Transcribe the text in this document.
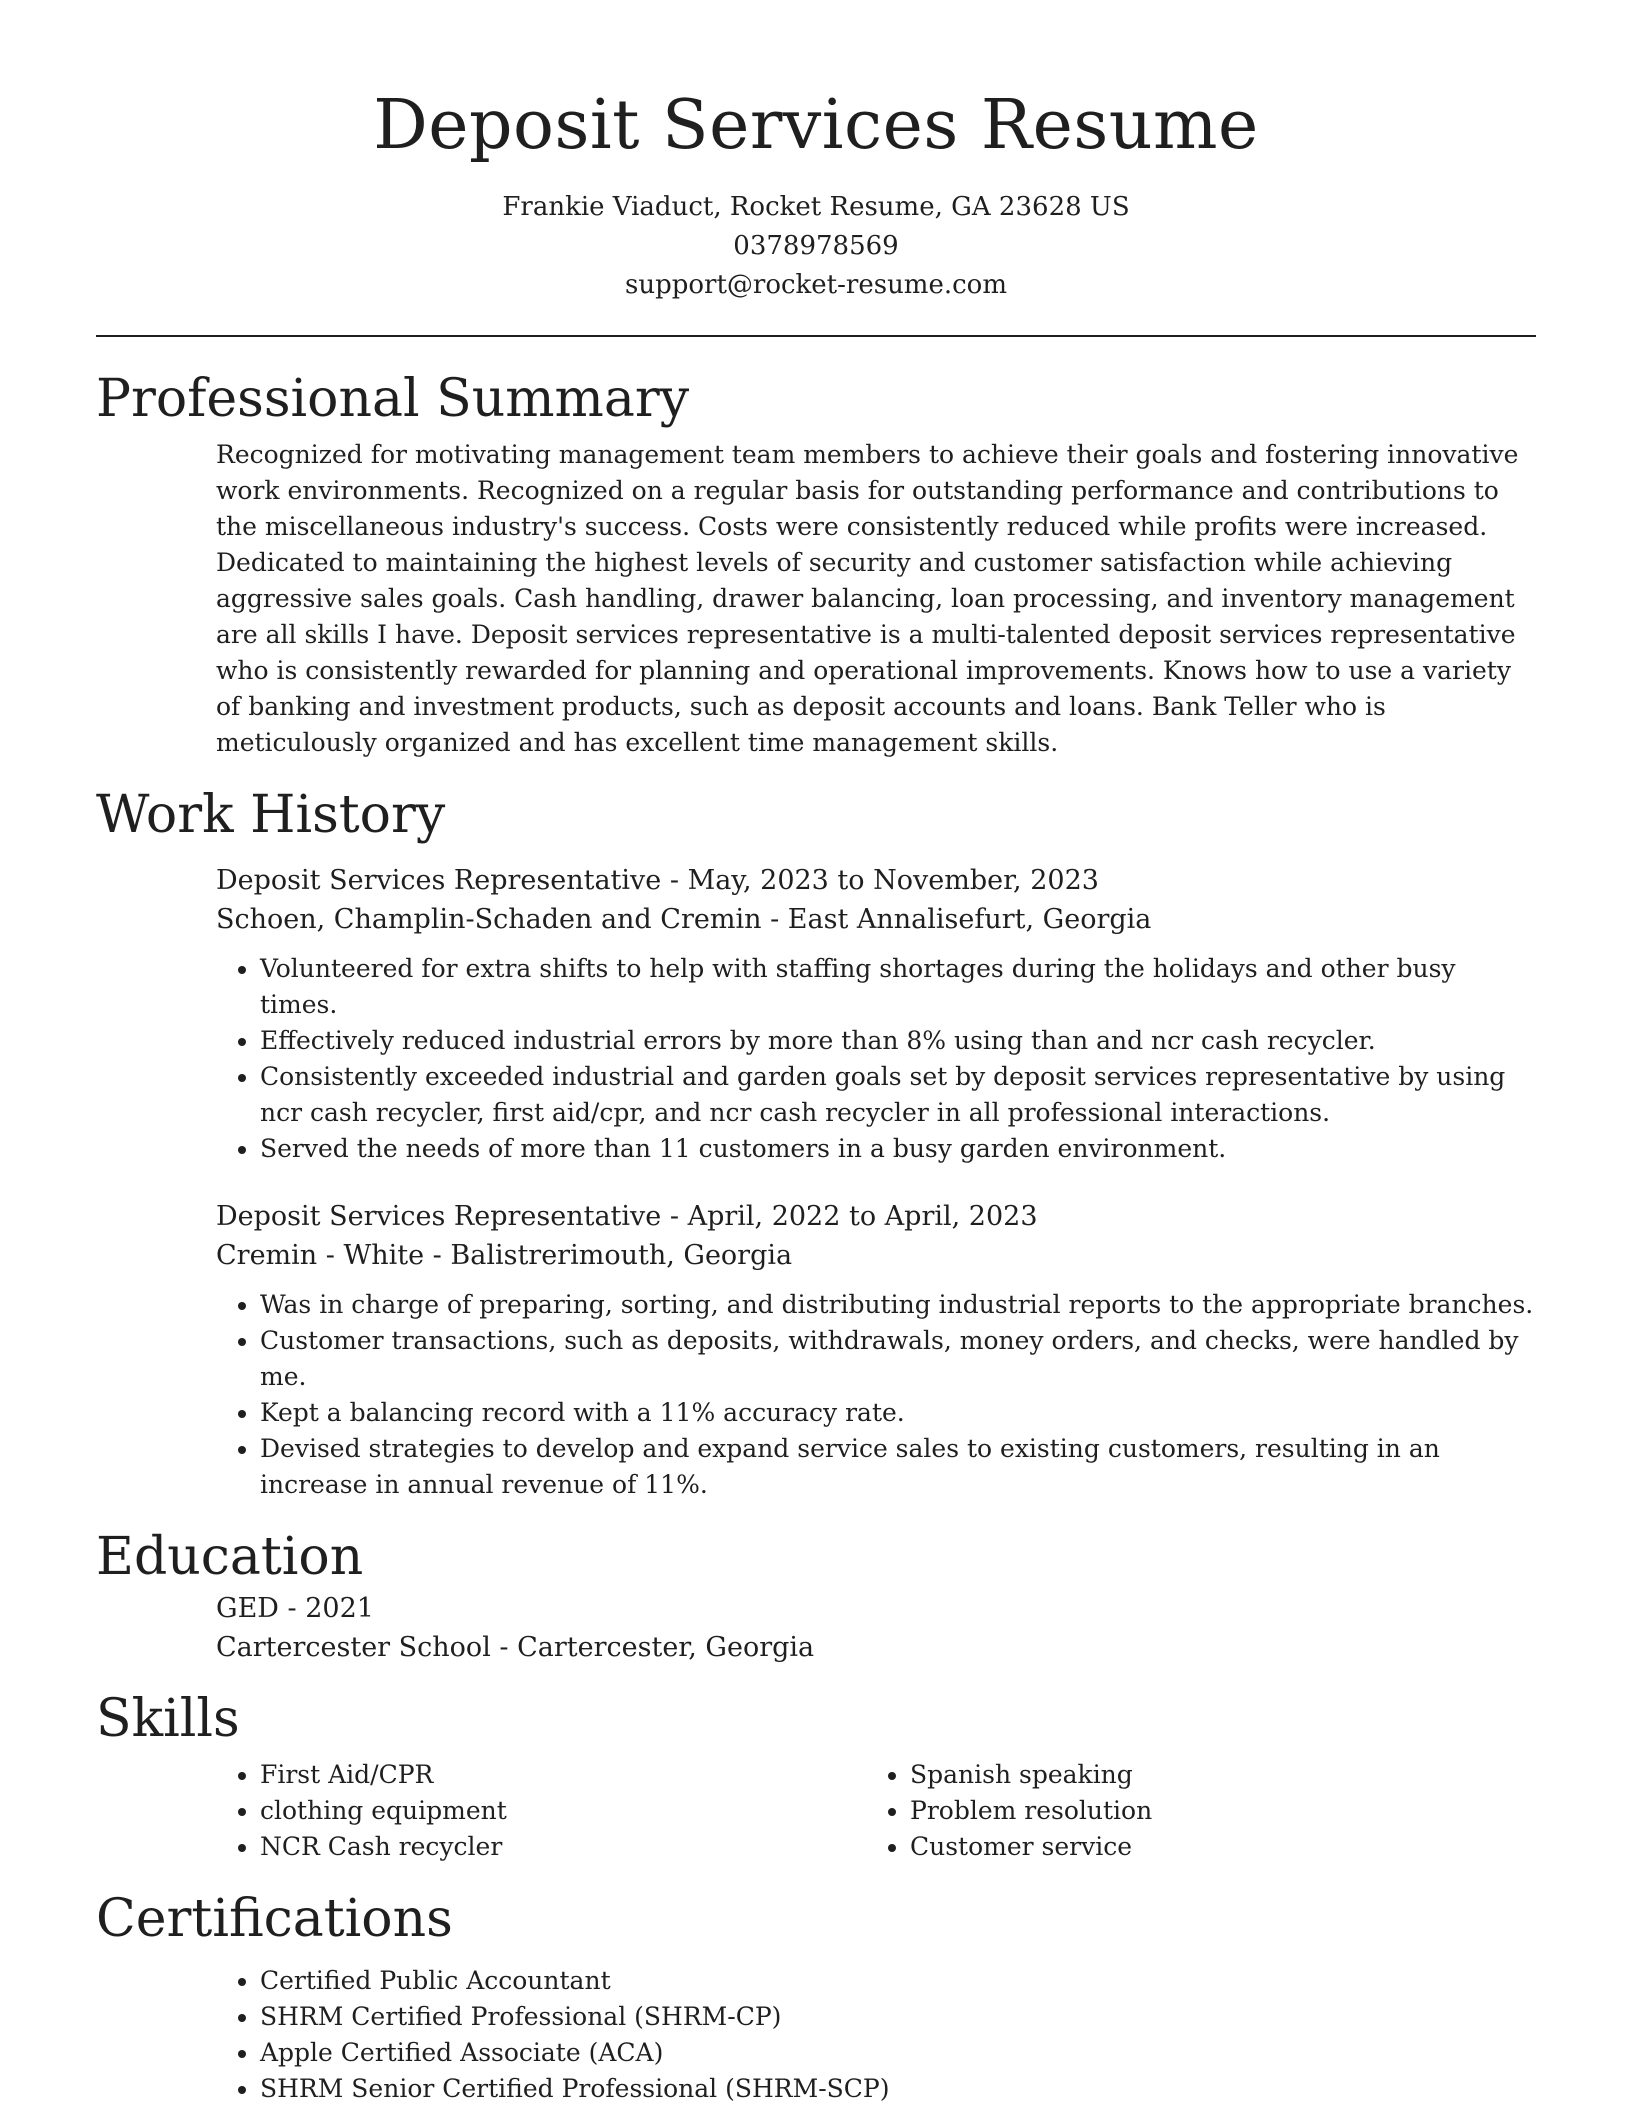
Deposit Services Resume
Frankie Viaduct, Rocket Resume, GA 23628 US
0378978569
support@rocket-resume.com
Professional Summary

Recognized for motivating management team members to achieve their goals and fostering innovative work environments. Recognized on a regular basis for outstanding performance and contributions to the miscellaneous industry's success. Costs were consistently reduced while profits were increased. Dedicated to maintaining the highest levels of security and customer satisfaction while achieving aggressive sales goals. Cash handling, drawer balancing, loan processing, and inventory management are all skills I have. Deposit services representative is a multi-talented deposit services representative who is consistently rewarded for planning and operational improvements. Knows how to use a variety of banking and investment products, such as deposit accounts and loans. Bank Teller who is meticulously organized and has excellent time management skills.

Work History
Deposit Services Representative - May, 2023 to November, 2023
Schoen, Champlin-Schaden and Cremin - East Annalisefurt, Georgia
• Volunteered for extra shifts to help with staffing shortages during the holidays and other busy times.
• Effectively reduced industrial errors by more than 8% using than and ncr cash recycler.
• Consistently exceeded industrial and garden goals set by deposit services representative by using ncr cash recycler, first aid/cpr, and ncr cash recycler in all professional interactions.
• Served the needs of more than 11 customers in a busy garden environment.
Deposit Services Representative - April, 2022 to April, 2023
Cremin - White - Balistrerimouth, Georgia
• Was in charge of preparing, sorting, and distributing industrial reports to the appropriate branches.
• Customer transactions, such as deposits, withdrawals, money orders, and checks, were handled by me.
• Kept a balancing record with a 11% accuracy rate.
• Devised strategies to develop and expand service sales to existing customers, resulting in an increase in annual revenue of 11%.
Education
GED - 2021
Cartercester School - Cartercester, Georgia
Skills
• First Aid/CPR
• clothing equipment
• NCR Cash recycler
• Spanish speaking
• Problem resolution
• Customer service
Certifications
• Certified Public Accountant
• SHRM Certified Professional (SHRM-CP)
• Apple Certified Associate (ACA)
• SHRM Senior Certified Professional (SHRM-SCP)
